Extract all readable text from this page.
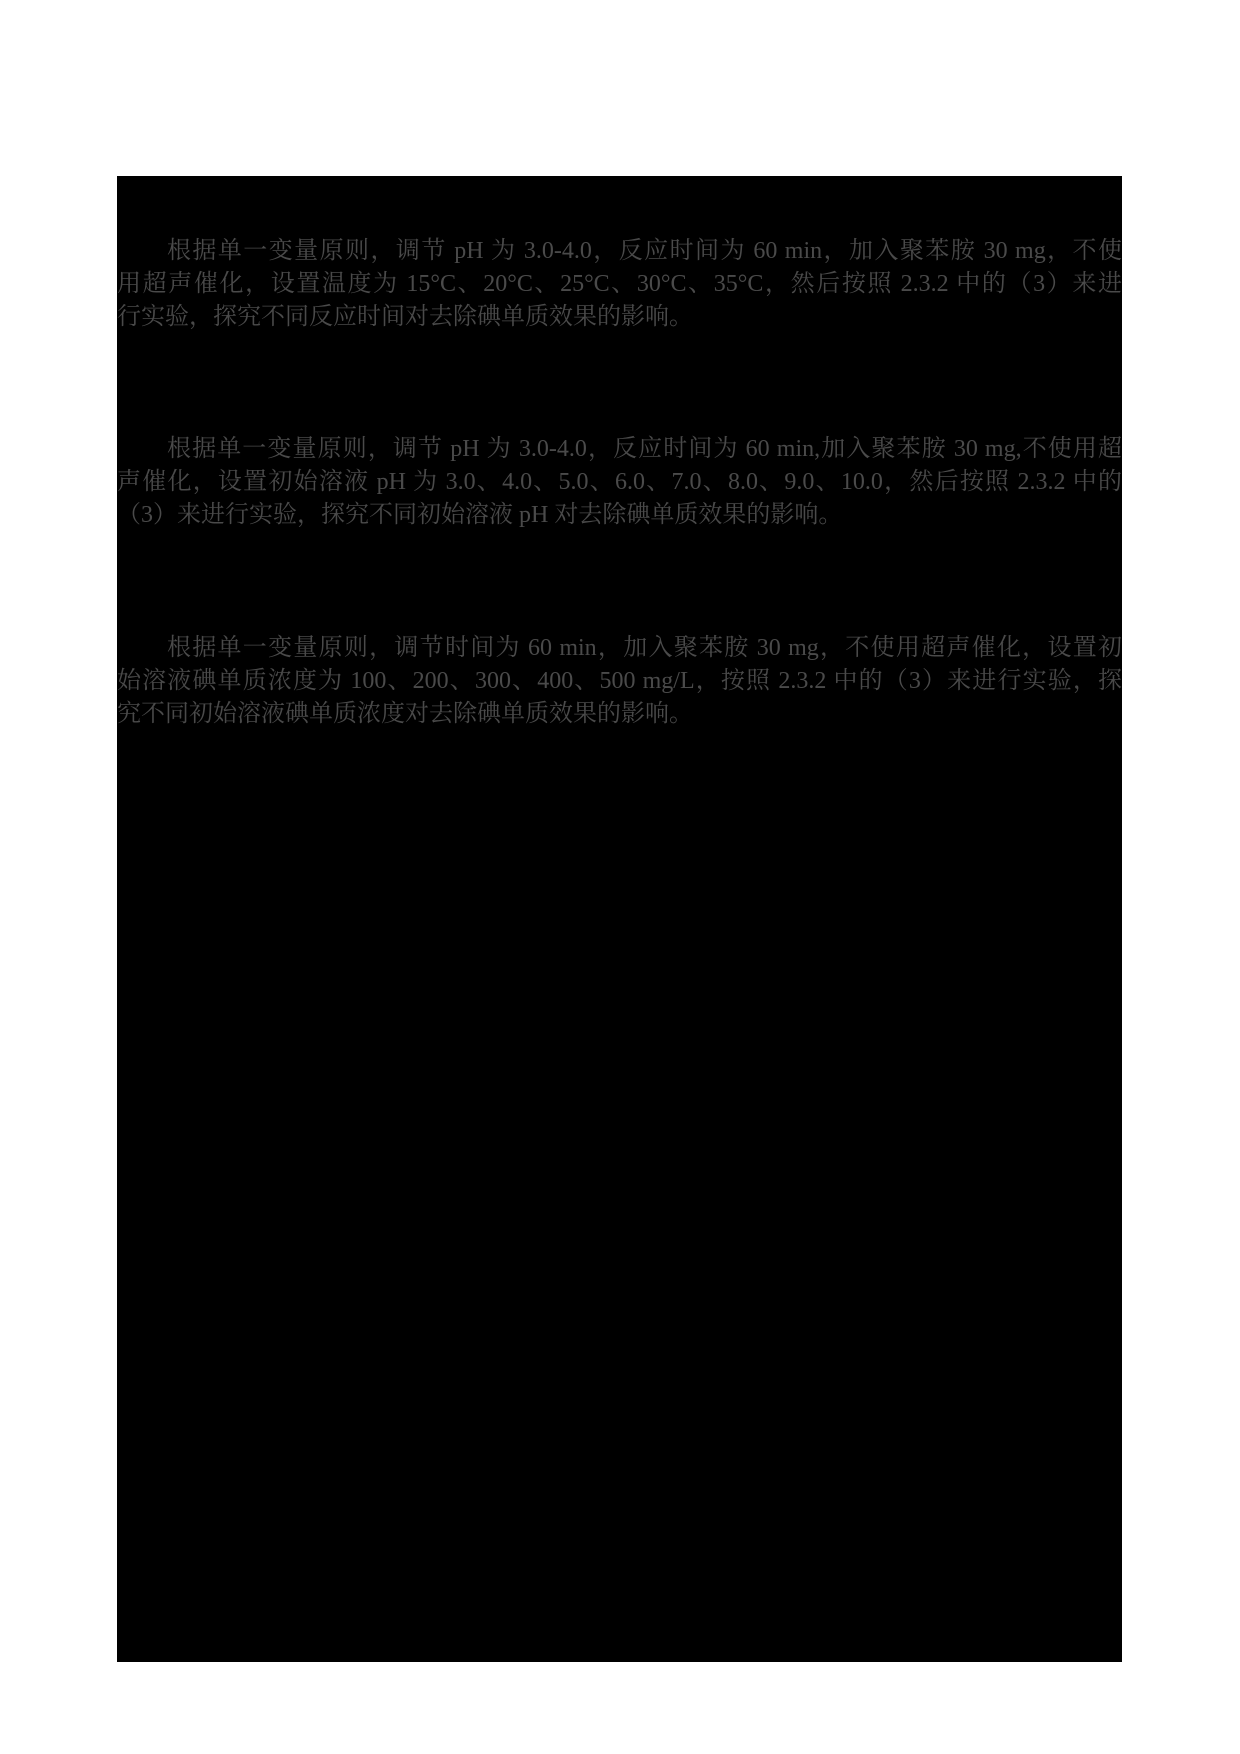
根据单一变量原则，调节 pH 为 3.0-4.0，反应时间为 60 min，加入聚苯胺 30 mg，不使
用超声催化，设置温度为 15°C、20°C、25°C、30°C、35°C，然后按照 2.3.2 中的（3）来进
行实验，探究不同反应时间对去除碘单质效果的影响。
根据单一变量原则，调节 pH 为 3.0-4.0，反应时间为 60 min,加入聚苯胺 30 mg,不使用超
声催化，设置初始溶液 pH 为 3.0、4.0、5.0、6.0、7.0、8.0、9.0、10.0，然后按照 2.3.2 中的
（3）来进行实验，探究不同初始溶液 pH 对去除碘单质效果的影响。
根据单一变量原则，调节时间为 60 min，加入聚苯胺 30 mg，不使用超声催化，设置初
始溶液碘单质浓度为 100、200、300、400、500 mg/L，按照 2.3.2 中的（3）来进行实验，探
究不同初始溶液碘单质浓度对去除碘单质效果的影响。
